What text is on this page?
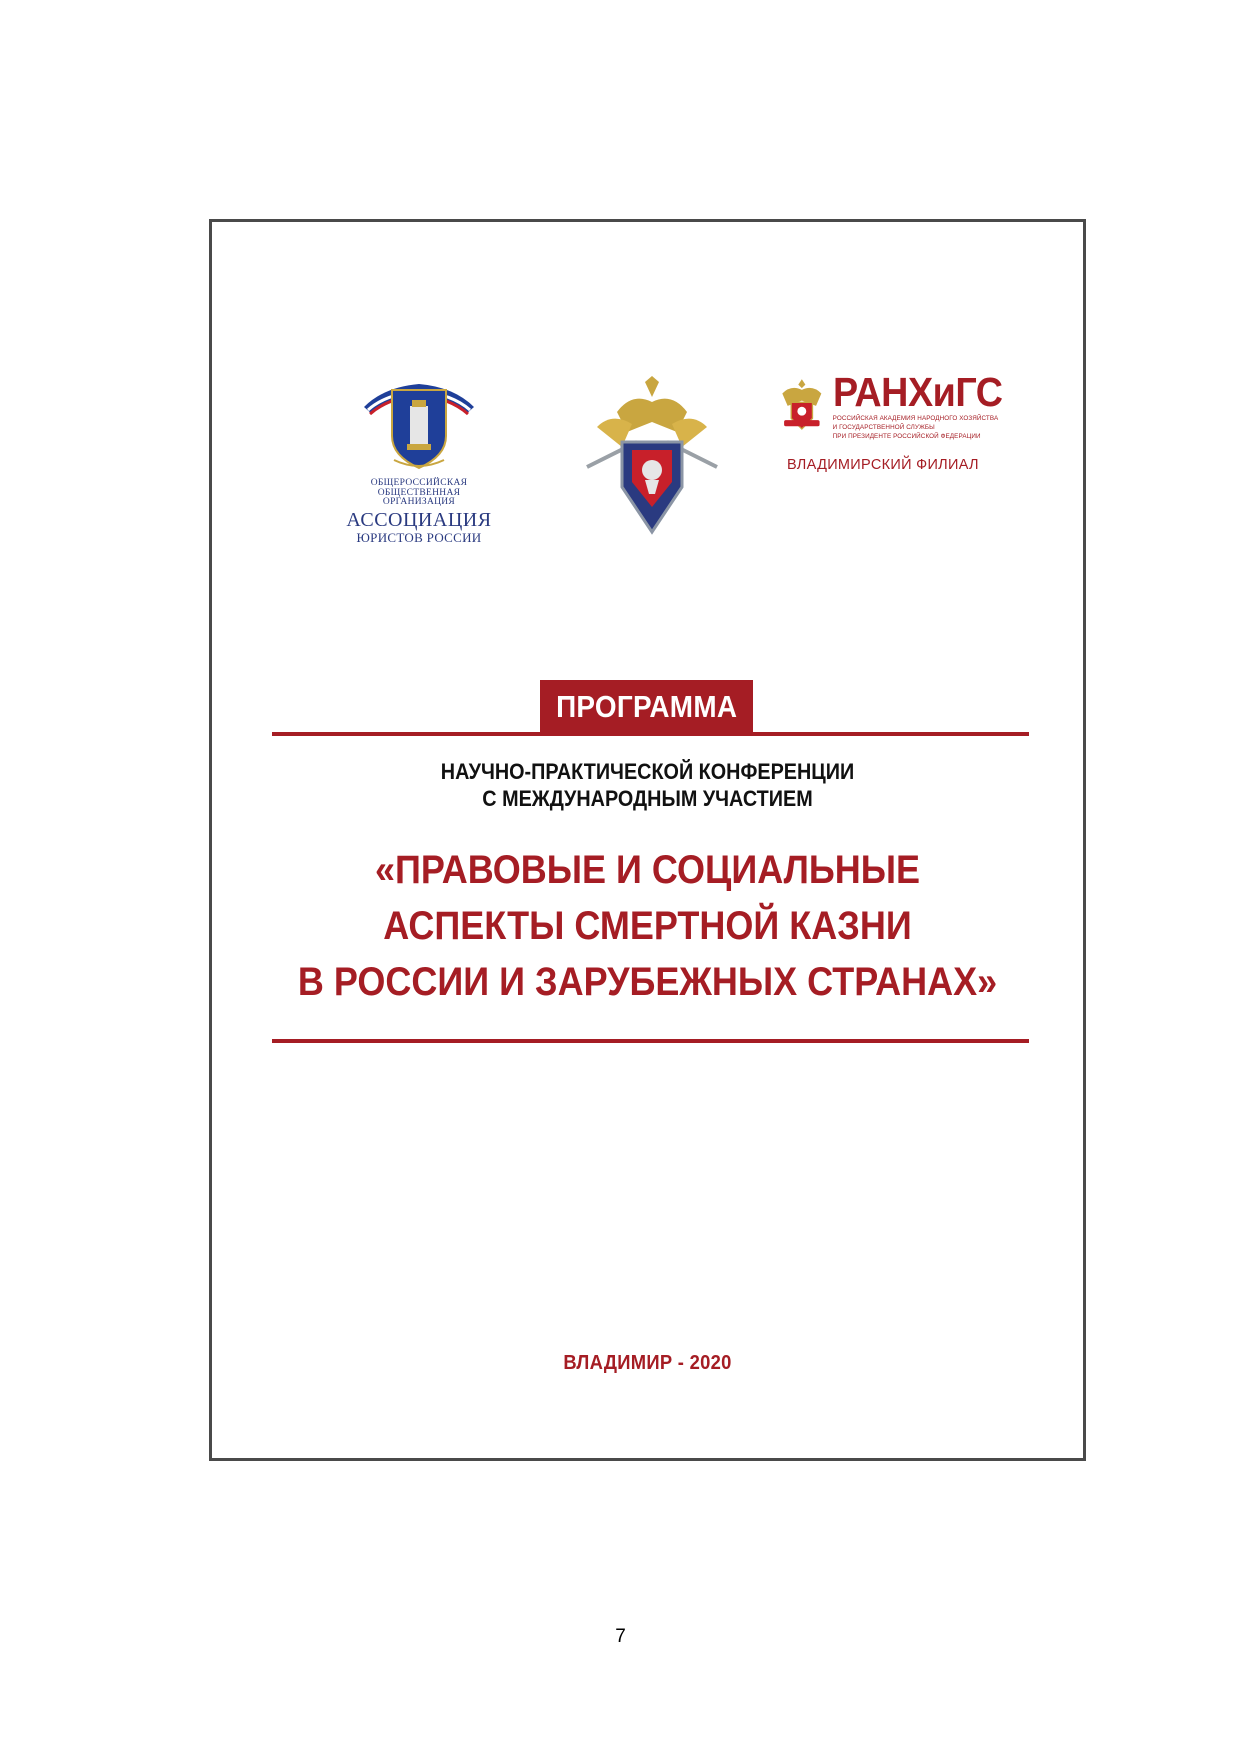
ОБЩЕРОССИЙСКАЯ
ОБЩЕСТВЕННАЯ ОРГАНИЗАЦИЯ
АССОЦИАЦИЯ
ЮРИСТОВ РОССИИ
РАНХиГС
РОССИЙСКАЯ АКАДЕМИЯ НАРОДНОГО ХОЗЯЙСТВА
И ГОСУДАРСТВЕННОЙ СЛУЖБЫ
ПРИ ПРЕЗИДЕНТЕ РОССИЙСКОЙ ФЕДЕРАЦИИ
ВЛАДИМИРСКИЙ ФИЛИАЛ
ПРОГРАММА
НАУЧНО-ПРАКТИЧЕСКОЙ КОНФЕРЕНЦИИ
С МЕЖДУНАРОДНЫМ УЧАСТИЕМ
«ПРАВОВЫЕ И СОЦИАЛЬНЫЕ
АСПЕКТЫ СМЕРТНОЙ КАЗНИ
В РОССИИ И ЗАРУБЕЖНЫХ СТРАНАХ»
ВЛАДИМИР - 2020
7
